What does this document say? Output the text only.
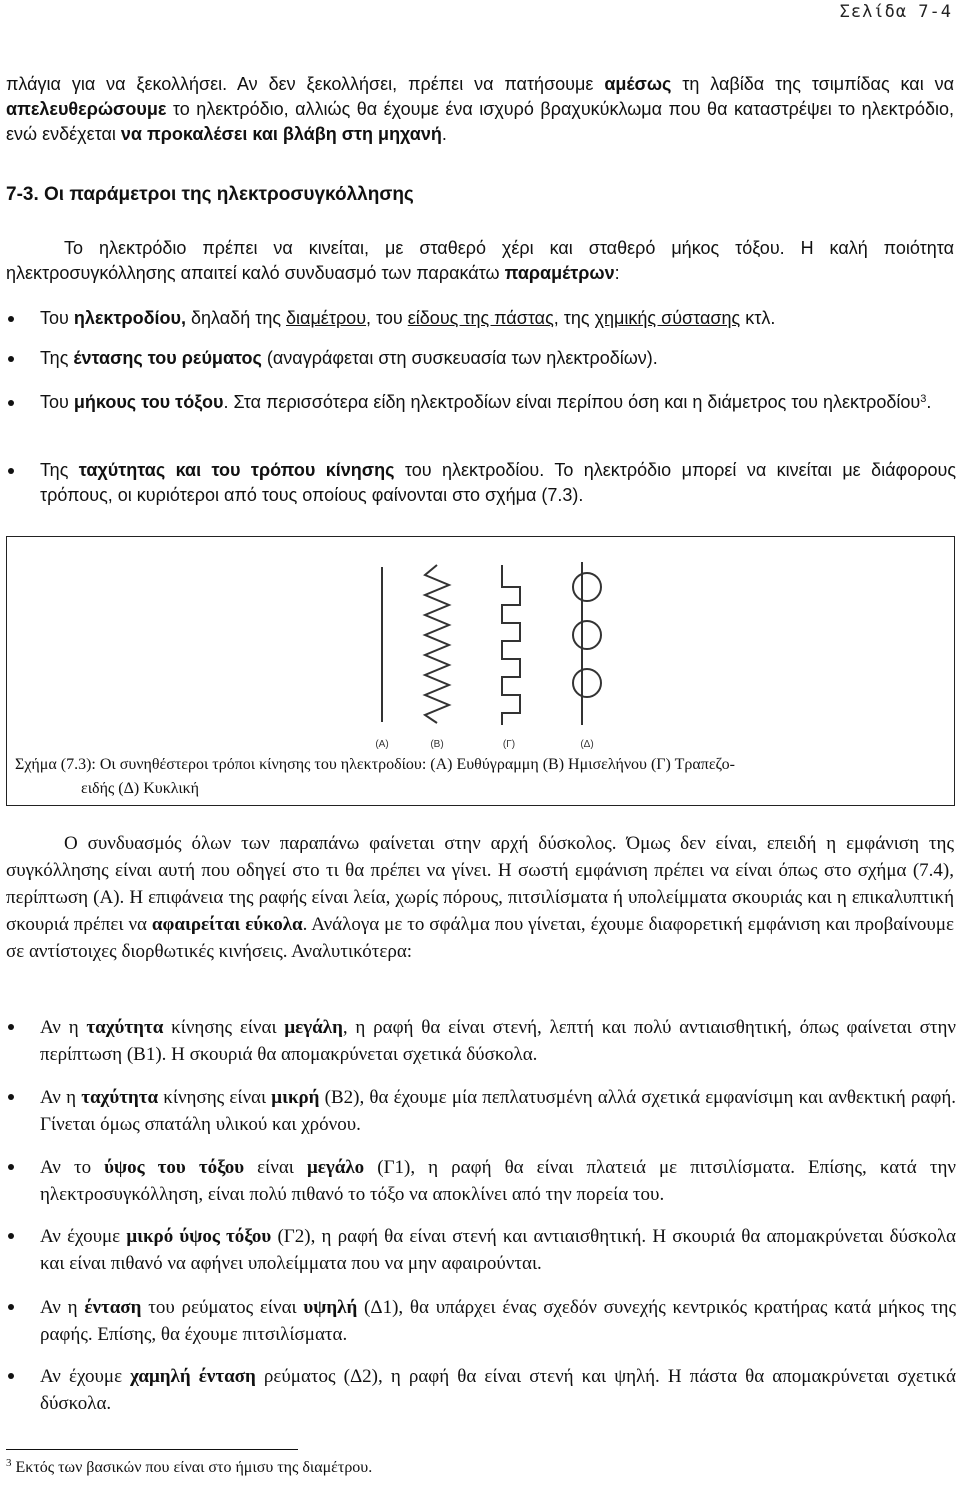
Σελίδα 7-4
πλάγια για να ξεκολλήσει. Αν δεν ξεκολλήσει, πρέπει να πατήσουμε αμέσως τη λαβίδα της τσιμπίδας και να απελευθερώσουμε το ηλεκτρόδιο, αλλιώς θα έχουμε ένα ισχυρό βραχυκύκλωμα που θα καταστρέψει το ηλεκτρόδιο, ενώ ενδέχεται να προκαλέσει και βλάβη στη μηχανή.
7-3. Οι παράμετροι της ηλεκτροσυγκόλλησης
Το ηλεκτρόδιο πρέπει να κινείται, με σταθερό χέρι και σταθερό μήκος τόξου. Η καλή ποιότητα ηλεκτροσυγκόλλησης απαιτεί καλό συνδυασμό των παρακάτω παραμέτρων:
Του ηλεκτροδίου, δηλαδή της διαμέτρου, του είδους της πάστας, της χημικής σύστασης κτλ.
Της έντασης του ρεύματος (αναγράφεται στη συσκευασία των ηλεκτροδίων).
Του μήκους του τόξου. Στα περισσότερα είδη ηλεκτροδίων είναι περίπου όση και η διάμετρος του ηλεκτροδίου$^3$.
Της ταχύτητας και του τρόπου κίνησης του ηλεκτροδίου. Το ηλεκτρόδιο μπορεί να κινείται με διάφορους τρόπους, οι κυριότεροι από τους οποίους φαίνονται στο σχήμα (7.3).
(Α)	(Β)	(Γ)	(Δ)
Σχήμα (7.3): Οι συνηθέστεροι τρόποι κίνησης του ηλεκτροδίου: (Α) Ευθύγραμμη (Β) Ημισελήνου (Γ) Τραπεζο-
ειδής (Δ) Κυκλική
Ο συνδυασμός όλων των παραπάνω φαίνεται στην αρχή δύσκολος. Όμως δεν είναι, επειδή η εμφάνιση της συγκόλλησης είναι αυτή που οδηγεί στο τι θα πρέπει να γίνει. Η σωστή εμφάνιση πρέπει να είναι όπως στο σχήμα (7.4), περίπτωση (Α). Η επιφάνεια της ραφής είναι λεία, χωρίς πόρους, πιτσιλίσματα ή υπολείμματα σκουριάς και η επικαλυπτική σκουριά πρέπει να αφαιρείται εύκολα. Ανάλογα με το σφάλμα που γίνεται, έχουμε διαφορετική εμφάνιση και προβαίνουμε σε αντίστοιχες διορθωτικές κινήσεις. Αναλυτικότερα:
Αν η ταχύτητα κίνησης είναι μεγάλη, η ραφή θα είναι στενή, λεπτή και πολύ αντιαισθητική, όπως φαίνεται στην περίπτωση (Β1). Η σκουριά θα απομακρύνεται σχετικά δύσκολα.
Αν η ταχύτητα κίνησης είναι μικρή (Β2), θα έχουμε μία πεπλατυσμένη αλλά σχετικά εμφανίσιμη και ανθεκτική ραφή. Γίνεται όμως σπατάλη υλικού και χρόνου.
Αν το ύψος του τόξου είναι μεγάλο (Γ1), η ραφή θα είναι πλατειά με πιτσιλίσματα. Επίσης, κατά την ηλεκτροσυγκόλληση, είναι πολύ πιθανό το τόξο να αποκλίνει από την πορεία του.
Αν έχουμε μικρό ύψος τόξου (Γ2), η ραφή θα είναι στενή και αντιαισθητική. Η σκουριά θα απομακρύνεται δύσκολα και είναι πιθανό να αφήνει υπολείμματα που να μην αφαιρούνται.
Αν η ένταση του ρεύματος είναι υψηλή (Δ1), θα υπάρχει ένας σχεδόν συνεχής κεντρικός κρατήρας κατά μήκος της ραφής. Επίσης, θα έχουμε πιτσιλίσματα.
Αν έχουμε χαμηλή ένταση ρεύματος (Δ2), η ραφή θα είναι στενή και ψηλή. Η πάστα θα απομακρύνεται σχετικά δύσκολα.
$^3$ Εκτός των βασικών που είναι στο ήμισυ της διαμέτρου.
